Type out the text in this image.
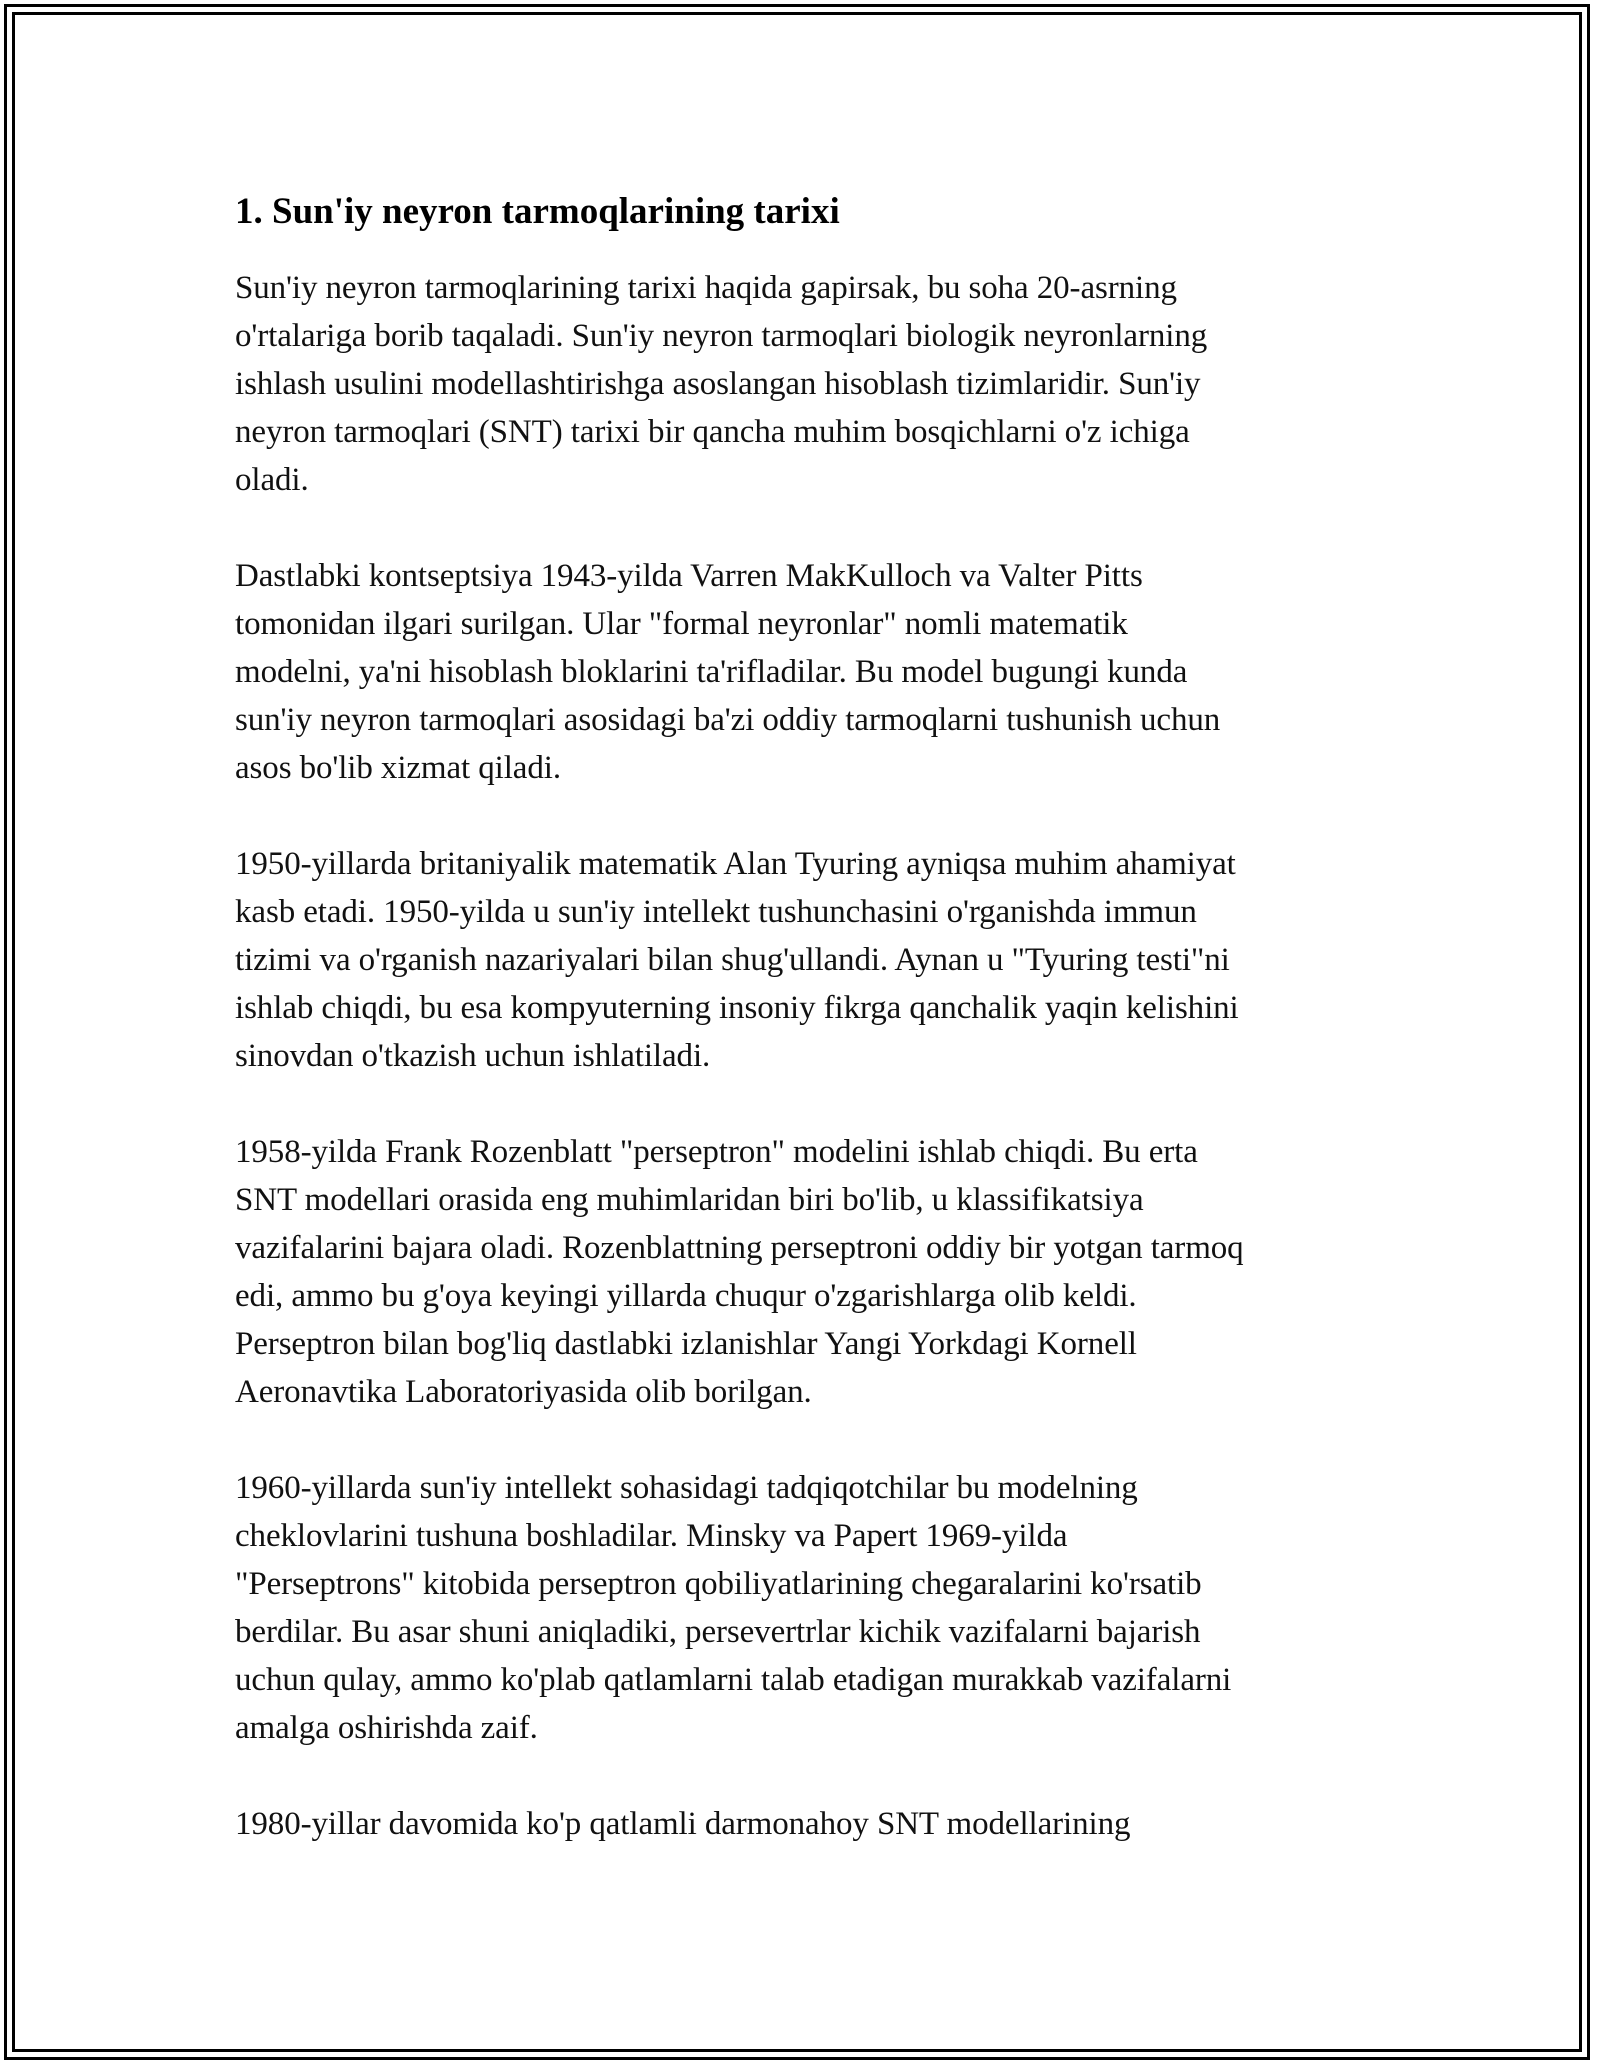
1. Sun'iy neyron tarmoqlarining tarixi

Sun'iy neyron tarmoqlarining tarixi haqida gapirsak, bu soha 20-asrning
o'rtalariga borib taqaladi. Sun'iy neyron tarmoqlari biologik neyronlarning
ishlash usulini modellashtirishga asoslangan hisoblash tizimlaridir. Sun'iy
neyron tarmoqlari (SNT) tarixi bir qancha muhim bosqichlarni o'z ichiga
oladi.

Dastlabki kontseptsiya 1943-yilda Varren MakKulloch va Valter Pitts
tomonidan ilgari surilgan. Ular "formal neyronlar" nomli matematik
modelni, ya'ni hisoblash bloklarini ta'rifladilar. Bu model bugungi kunda
sun'iy neyron tarmoqlari asosidagi ba'zi oddiy tarmoqlarni tushunish uchun
asos bo'lib xizmat qiladi.

1950-yillarda britaniyalik matematik Alan Tyuring ayniqsa muhim ahamiyat
kasb etadi. 1950-yilda u sun'iy intellekt tushunchasini o'rganishda immun
tizimi va o'rganish nazariyalari bilan shug'ullandi. Aynan u "Tyuring testi"ni
ishlab chiqdi, bu esa kompyuterning insoniy fikrga qanchalik yaqin kelishini
sinovdan o'tkazish uchun ishlatiladi.

1958-yilda Frank Rozenblatt "perseptron" modelini ishlab chiqdi. Bu erta
SNT modellari orasida eng muhimlaridan biri bo'lib, u klassifikatsiya
vazifalarini bajara oladi. Rozenblattning perseptroni oddiy bir yotgan tarmoq
edi, ammo bu g'oya keyingi yillarda chuqur o'zgarishlarga olib keldi.
Perseptron bilan bog'liq dastlabki izlanishlar Yangi Yorkdagi Kornell
Aeronavtika Laboratoriyasida olib borilgan.

1960-yillarda sun'iy intellekt sohasidagi tadqiqotchilar bu modelning
cheklovlarini tushuna boshladilar. Minsky va Papert 1969-yilda
"Perseptrons" kitobida perseptron qobiliyatlarining chegaralarini ko'rsatib
berdilar. Bu asar shuni aniqladiki, persevertrlar kichik vazifalarni bajarish
uchun qulay, ammo ko'plab qatlamlarni talab etadigan murakkab vazifalarni
amalga oshirishda zaif.

1980-yillar davomida ko'p qatlamli darmonahoy SNT modellarining
